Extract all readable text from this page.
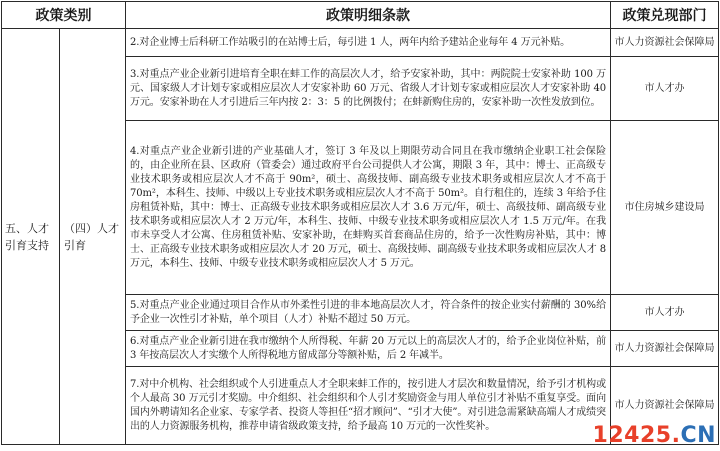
政策类别		政策明细条款	政策兑现部门
五、人才引育支持	（四）人才引育	2.对企业博士后科研工作站吸引的在站博士后，每引进 1 人，两年内给予建站企业每年 4 万元补贴。	市人力资源社会保障局
		3.对重点产业企业新引进培育全职在蚌工作的高层次人才，给予安家补助，其中：两院院士安家补助 100 万元、国家级人才计划专家或相应层次人才安家补助 60 万元、省级人才计划专家或相应层次人才安家补助 40 万元。安家补助在人才引进后三年内按 2：3：5 的比例拨付；在蚌新购住房的，安家补助一次性发放到位。	市人才办
		4.对重点产业企业新引进的产业基础人才，签订 3 年及以上期限劳动合同且在我市缴纳企业职工社会保险的，由企业所在县、区政府（管委会）通过政府平台公司提供人才公寓，期限 3 年，其中：博士、正高级专业技术职务或相应层次人才不高于 90m²，硕士、高级技师、副高级专业技术职务或相应层次人才不高于 70m²，本科生、技师、中级以上专业技术职务或相应层次人才不高于 50m²。自行租住的，连续 3 年给予住房租赁补贴，其中：博士、正高级专业技术职务或相应层次人才 3.6 万元/年，硕士、高级技师、副高级专业技术职务或相应层次人才 2 万元/年，本科生、技师、中级专业技术职务或相应层次人才 1.5 万元/年。在我市未享受人才公寓、住房租赁补贴、安家补助，在蚌购买首套商品住房的，给予一次性购房补贴，其中：博士、正高级专业技术职务或相应层次人才 20 万元，硕士、高级技师、副高级专业技术职务或相应层次人才 8 万元，本科生、技师、中级专业技术职务或相应层次人才 5 万元。	市住房城乡建设局
		5.对重点产业企业通过项目合作从市外柔性引进的非本地高层次人才，符合条件的按企业实付薪酬的 30%给予企业一次性引才补贴，单个项目（人才）补贴不超过 50 万元。	市人才办
		6.对重点产业企业新引进在我市缴纳个人所得税、年薪 20 万元以上的高层次人才的，给予企业岗位补贴，前 3 年按高层次人才实缴个人所得税地方留成部分等额补贴，后 2 年减半。	市人力资源社会保障局
		7.对中介机构、社会组织或个人引进重点人才全职来蚌工作的，按引进人才层次和数量情况，给予引才机构或个人最高 30 万元引才奖励。中介组织、社会组织和个人引才奖励资金与用人单位引才补贴不重复享受。面向国内外聘请知名企业家、专家学者、投资人等担任“招才顾问”、“引才大使”。对引进急需紧缺高端人才成绩突出的人力资源服务机构，推荐申请省级政策支持，给予最高 10 万元的一次性奖补。	市人力资源社会保障局
12425.CN
